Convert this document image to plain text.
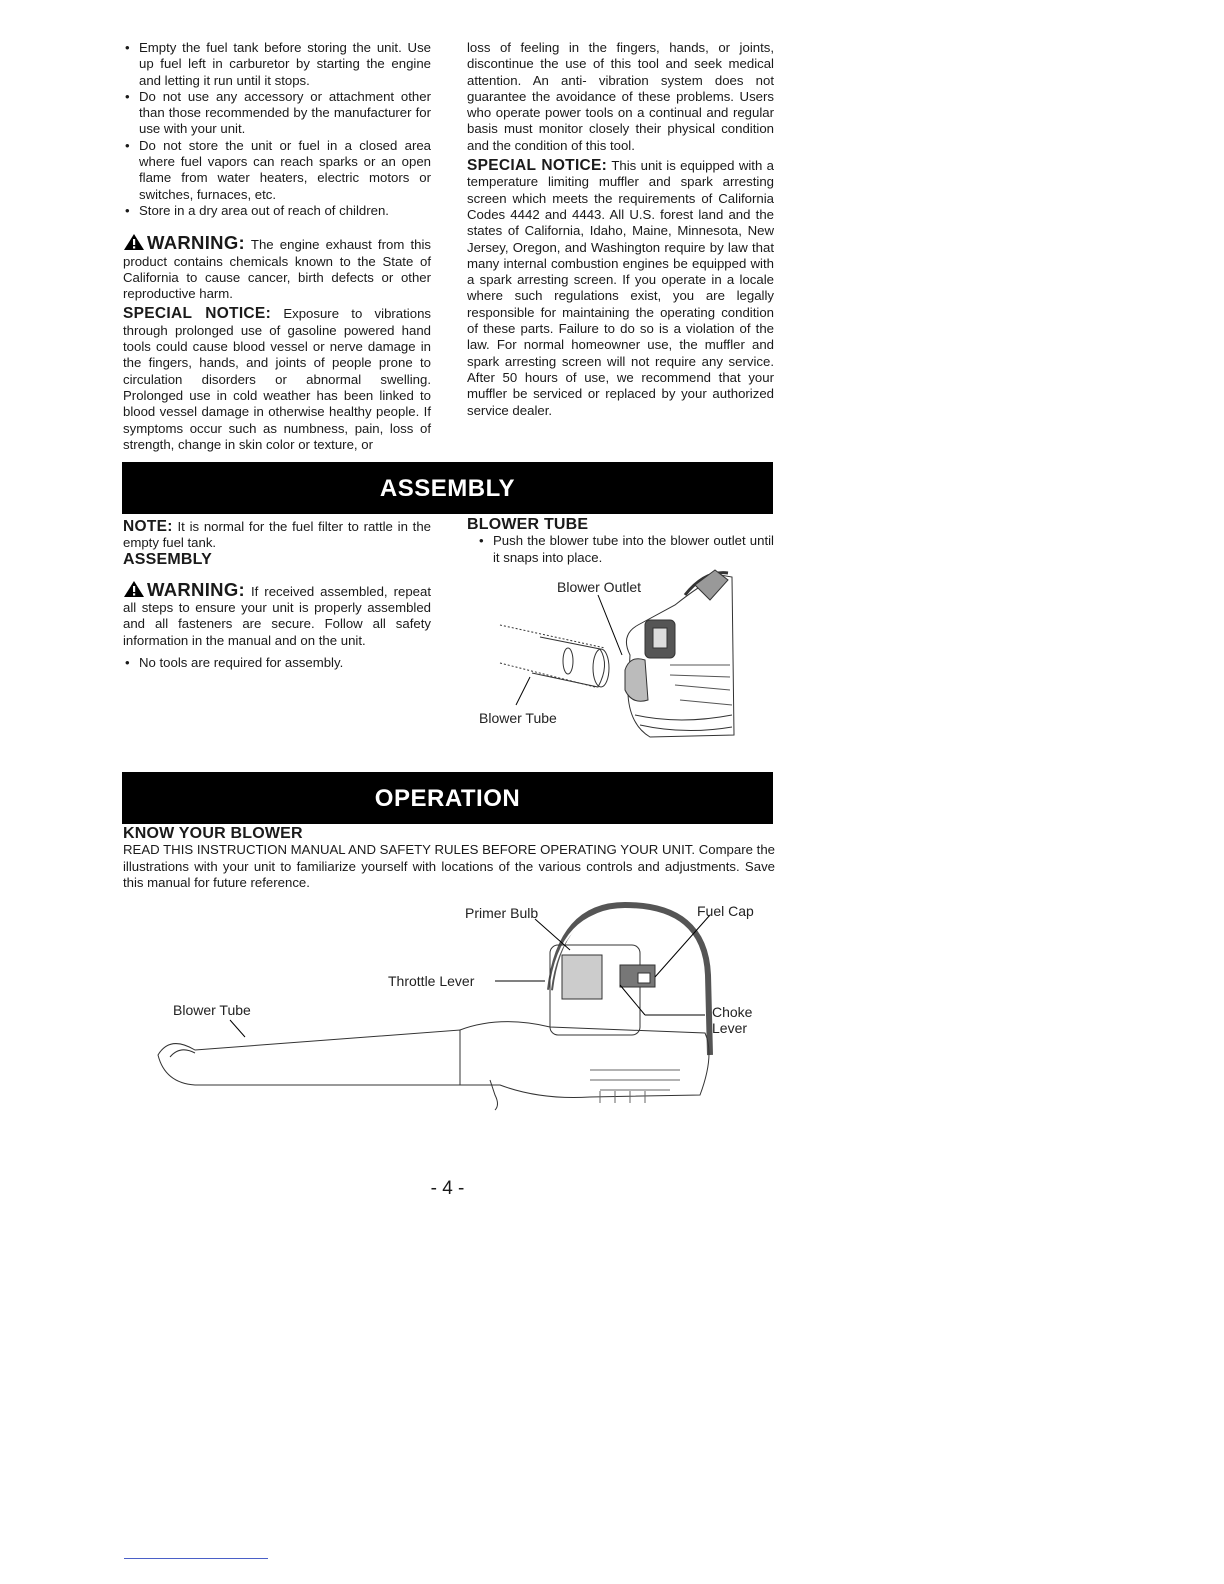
• Empty the fuel tank before storing the unit. Use up fuel left in carburetor by starting the engine and letting it run until it stops.
• Do not use any accessory or attachment other than those recommended by the manufacturer for use with your unit.
• Do not store the unit or fuel in a closed area where fuel vapors can reach sparks or an open flame from water heaters, electric motors or switches, furnaces, etc.
• Store in a dry area out of reach of children.

WARNING: The engine exhaust from this product contains chemicals known to the State of California to cause cancer, birth defects or other reproductive harm.

SPECIAL NOTICE: Exposure to vibrations through prolonged use of gasoline powered hand tools could cause blood vessel or nerve damage in the fingers, hands, and joints of people prone to circulation disorders or abnormal swelling. Prolonged use in cold weather has been linked to blood vessel damage in otherwise healthy people. If symptoms occur such as numbness, pain, loss of strength, change in skin color or texture, or

loss of feeling in the fingers, hands, or joints, discontinue the use of this tool and seek medical attention. An anti- vibration system does not guarantee the avoidance of these problems. Users who operate power tools on a continual and regular basis must monitor closely their physical condition and the condition of this tool.

SPECIAL NOTICE: This unit is equipped with a temperature limiting muffler and spark arresting screen which meets the requirements of California Codes 4442 and 4443. All U.S. forest land and the states of California, Idaho, Maine, Minnesota, New Jersey, Oregon, and Washington require by law that many internal combustion engines be equipped with a spark arresting screen. If you operate in a locale where such regulations exist, you are legally responsible for maintaining the operating condition of these parts. Failure to do so is a violation of the law. For normal homeowner use, the muffler and spark arresting screen will not require any service. After 50 hours of use, we recommend that your muffler be serviced or replaced by your authorized service dealer.

ASSEMBLY

NOTE: It is normal for the fuel filter to rattle in the empty fuel tank.

ASSEMBLY

WARNING: If received assembled, repeat all steps to ensure your unit is properly assembled and all fasteners are secure. Follow all safety information in the manual and on the unit.

• No tools are required for assembly.

BLOWER TUBE

• Push the blower tube into the blower outlet until it snaps into place.
Blower Outlet
Blower Tube
OPERATION

KNOW YOUR BLOWER

READ THIS INSTRUCTION MANUAL AND SAFETY RULES BEFORE OPERATING YOUR UNIT. Compare the illustrations with your unit to familiarize yourself with locations of the various controls and adjustments. Save this manual for future reference.

Primer Bulb	Fuel Cap
Throttle Lever
Blower Tube	Choke
Lever
- 4 -
